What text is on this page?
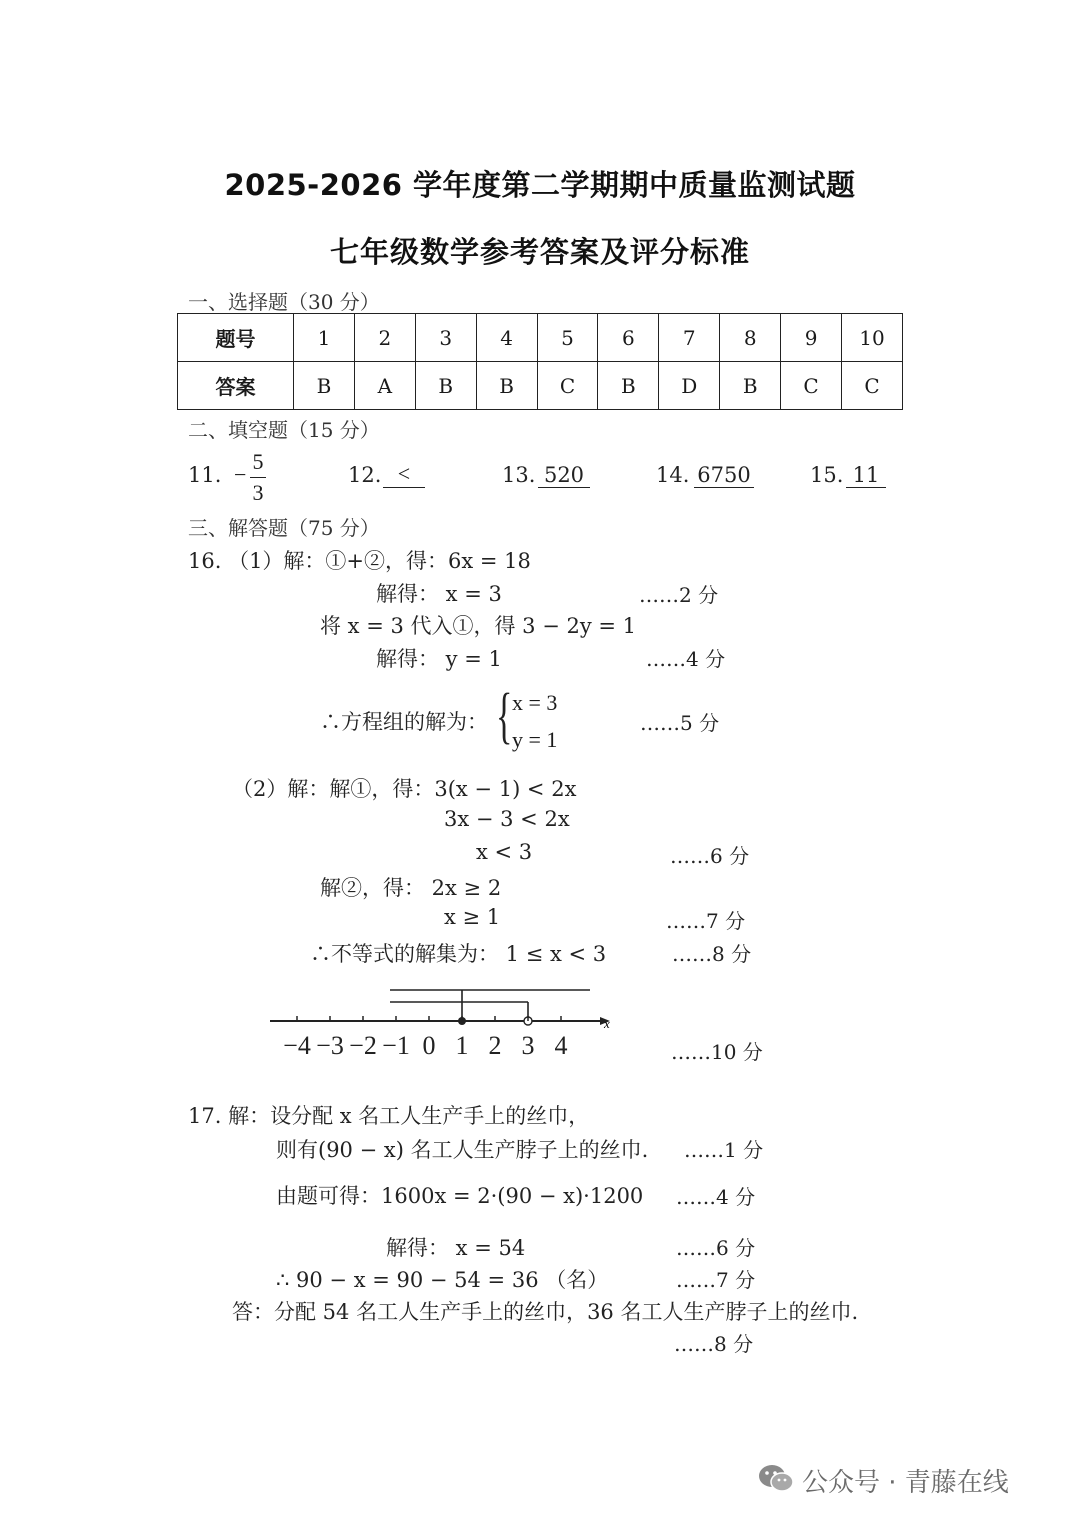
2025-2026 学年度第二学期期中质量监测试题
七年级数学参考答案及评分标准
一、选择题（30 分）
题号	1	2	3	4	5	6	7	8	9	10
答案	B	A	B	B	C	B	D	B	C	C
二、填空题（15 分）
11. −
5
3
12. <	13. 520	14. 6750	15. 11
三、解答题（75 分）
16. （1）解：①+②，得：6x = 18
解得： x = 3	……2 分
将 x = 3 代入①，得 3 − 2y = 1
解得： y = 1	……4 分
∴方程组的解为： { x = 3
y = 1
……5 分
（2）解：解①，得：3(x − 1) < 2x
3x − 3 < 2x
x < 3	……6 分
解②，得： 2x ≥ 2
x ≥ 1	……7 分
∴不等式的解集为： 1 ≤ x < 3	……8 分
x
−4 −3 −2 −1 0 1 2 3 4	……10 分
17. 解：设分配 x 名工人生产手上的丝巾，
则有(90 − x) 名工人生产脖子上的丝巾. ……1 分
由题可得：1600x = 2·(90 − x)·1200 ……4 分
解得： x = 54	……6 分
∴ 90 − x = 90 − 54 = 36 （名）	……7 分
答：分配 54 名工人生产手上的丝巾，36 名工人生产脖子上的丝巾.
……8 分
公众号 · 青藤在线
